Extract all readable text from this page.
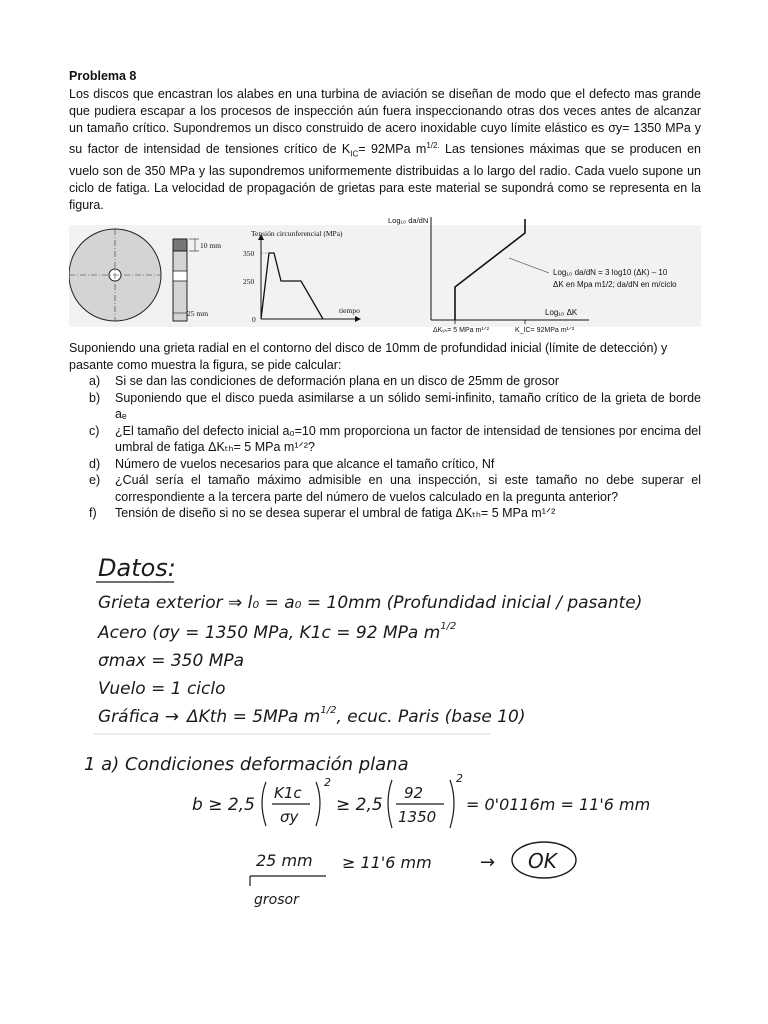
Problema 8

Los discos que encastran los alabes en una turbina de aviación se diseñan de modo que el defecto mas grande que pudiera escapar a los procesos de inspección aún fuera inspeccionando otras dos veces antes de alcanzar un tamaño crítico. Supondremos un disco construido de acero inoxidable cuyo límite elástico es σy= 1350 MPa y su factor de intensidad de tensiones crítico de $K_{IC}= 92MPa$ $m^{1/2.}$ Las tensiones máximas que se producen en vuelo son de 350 MPa y las supondremos uniformemente distribuidas a lo largo del radio. Cada vuelo supone un ciclo de fatiga. La velocidad de propagación de grietas para este material se supondrá como se representa en la figura.

10 mm
25 mm
Tensión circunferencial (MPa)
350
250
0
tiempo
Log₁₀ da/dN
Log₁₀ da/dN = 3 log10 (ΔK) – 10
ΔK en Mpa m1/2; da/dN en m/ciclo
Log₁₀ ΔK
ΔKₜₕ= 5 MPa m¹ᐟ²	K_IC= 92MPa m¹ᐟ²

Suponiendo una grieta radial en el contorno del disco de 10mm de profundidad inicial (límite de detección) y pasante como muestra la figura, se pide calcular:

a) Si se dan las condiciones de deformación plana en un disco de 25mm de grosor
b) Suponiendo que el disco pueda asimilarse a un sólido semi-infinito, tamaño crítico de la grieta de borde aₑ
c) ¿El tamaño del defecto inicial a₀=10 mm proporciona un factor de intensidad de tensiones por encima del umbral de fatiga ΔKₜₕ= 5 MPa m¹ᐟ²?
d) Número de vuelos necesarios para que alcance el tamaño crítico, Nf
e) ¿Cuál sería el tamaño máximo admisible en una inspección, si este tamaño no debe superar el correspondiente a la tercera parte del número de vuelos calculado en la pregunta anterior?
f) Tensión de diseño si no se desea superar el umbral de fatiga ΔKₜₕ= 5 MPa m¹ᐟ²
Datos:
Grieta exterior ⇒ l₀ = a₀ = 10mm (Profundidad inicial / pasante)
Acero (σy = 1350 MPa, K1c = 92 MPa $m^{1/2}$
σmax = 350 MPa
Vuelo = 1 ciclo
Gráfica → ΔKth = 5MPa $m^{1/2}$, ecuc. Paris (base 10)
1 a) Condiciones deformación plana
b ≥ 2,5
K1c
σy
2
≥ 2,5
92
1350
2
= 0'0116m = 11'6 mm
25 mm ≥ 11'6 mm	→ OK
grosor
